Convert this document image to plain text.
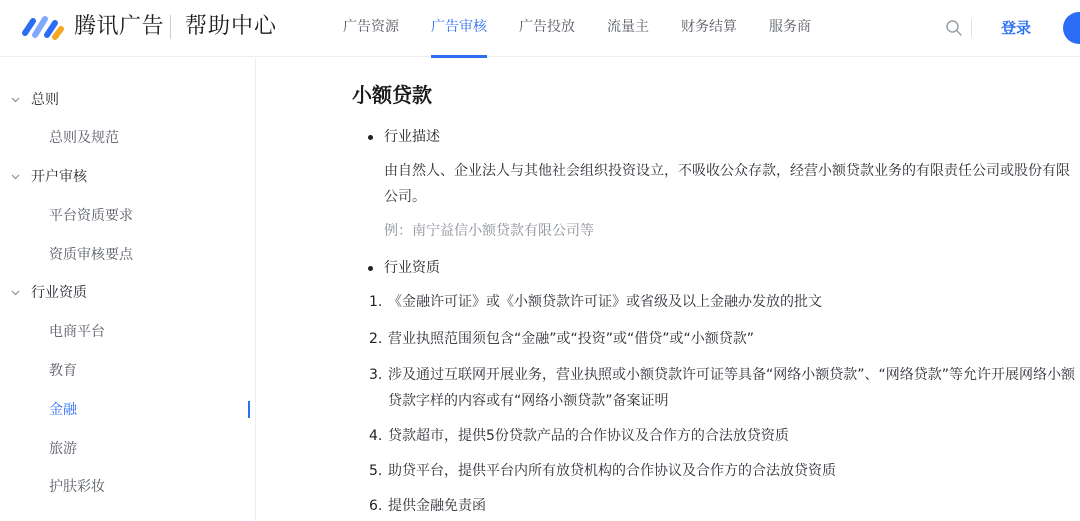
腾讯广告 帮助中心	广告资源 广告审核 广告投放 流量主 财务结算 服务商	登录
总则
总则及规范
开户审核
平台资质要求
资质审核要点
行业资质
电商平台
教育
金融
旅游
护肤彩妆
小额贷款
行业描述
由自然人、企业法人与其他社会组织投资设立，不吸收公众存款，经营小额贷款业务的有限责任公司或股份有限公司。
例：南宁益信小额贷款有限公司等
行业资质
1. 《金融许可证》或《小额贷款许可证》或省级及以上金融办发放的批文
2. 营业执照范围须包含“金融”或“投资”或“借贷”或“小额贷款”
3. 涉及通过互联网开展业务，营业执照或小额贷款许可证等具备“网络小额贷款”、“网络贷款”等允许开展网络小额贷款字样的内容或有“网络小额贷款”备案证明
4. 贷款超市，提供5份贷款产品的合作协议及合作方的合法放贷资质
5. 助贷平台，提供平台内所有放贷机构的合作协议及合作方的合法放贷资质
6. 提供金融免责函
